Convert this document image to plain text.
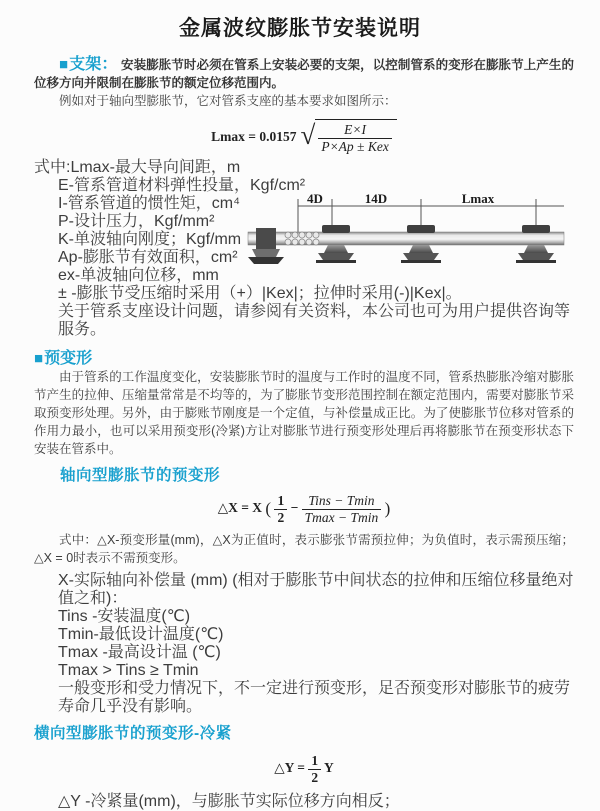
金属波纹膨胀节安装说明

■支架： 安装膨胀节时必须在管系上安装必要的支架，以控制管系的变形在膨胀节上产生的位移方向并限制在膨胀节的额定位移范围内。

例如对于轴向型膨胀节，它对管系支座的基本要求如图所示：

Lmax = 0.0157 √ $\frac{E\times I}{\text{P×Ap ± Kex}}$
式中:Lmax-最大导向间距，m
E-管系管道材料弹性投量，Kgf/cm²
I-管系管道的惯性矩，cm⁴
P-设计压力，Kgf/mm²
K-单波轴向刚度；Kgf/mm
Ap-膨胀节有效面积，cm²
ex-单波轴向位移，mm
± -膨胀节受压缩时采用（+）|Kex|；拉伸时采用(-)|Kex|。
关于管系支座设计问题，请参阅有关资料，本公司也可为用户提供咨询等服务。
■预变形

由于管系的工作温度变化，安装膨胀节时的温度与工作时的温度不同，管系热膨胀冷缩对膨胀节产生的拉伸、压缩量常常是不均等的，为了膨胀节变形范围控制在额定范围内，需要对膨胀节采取预变形处理。另外，由于膨账节刚度是一个定值，与补偿量成正比。为了使膨胀节位移对管系的作用力最小，也可以采用预变形(冷紧)方让对膨胀节进行预变形处理后再将膨胀节在预变形状态下安装在管系中。

轴向型膨胀节的预变形
△X = X ( $\frac{1}{2} - \frac{\text{Tins − Tmin}}{Tmax - Tmin}$ )

式中：△X-预变形量(mm)，△X为正值时，表示膨张节需预拉伸；为负值时，表示需预压缩；△X = 0时表示不需预变形。

X-实际轴向补偿量 (mm) (相对于膨胀节中间状态的拉伸和压缩位移量绝对值之和)：
Tins -安装温度(℃)
Tmin-最低设计温度(℃)
Tmax -最高设计温 (℃)
Tmax > Tins ≥ Tmin
一般变形和受力情况下，不一定进行预变形，足否预变形对膨胀节的疲劳寿命几乎没有影响。
横向型膨胀节的预变形-冷紧
△Y = $\frac{1}{2}$ Y
△Y -冷紧量(mm)，与膨胀节实际位移方向相反；
4D	14D	Lmax
